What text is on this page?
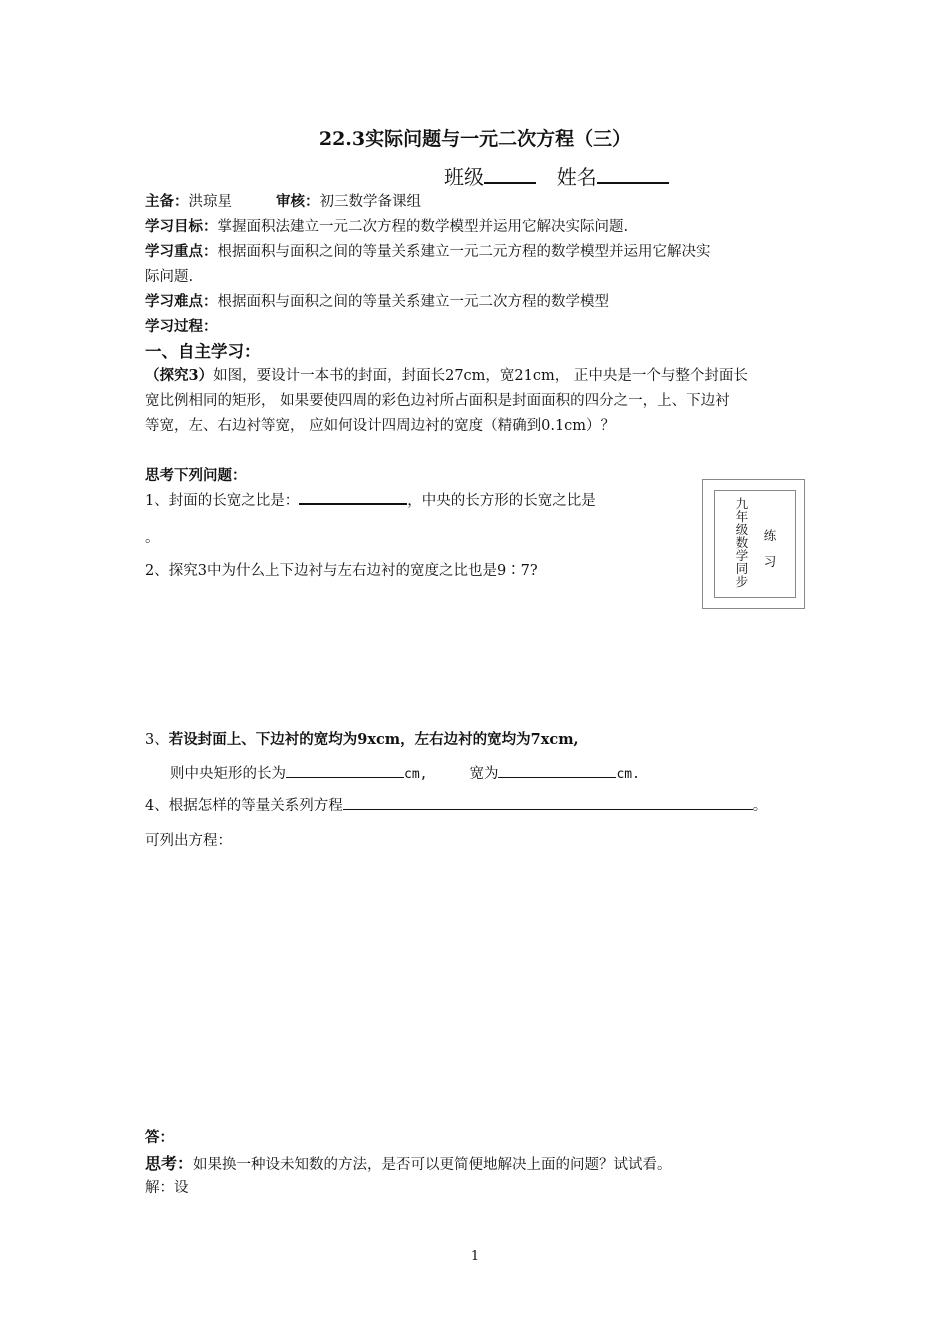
22.3实际问题与一元二次方程（三）
班级	姓名
主备：洪琼星	审核：初三数学备课组
学习目标：掌握面积法建立一元二次方程的数学模型并运用它解决实际问题.
学习重点：根据面积与面积之间的等量关系建立一元二元方程的数学模型并运用它解决实
际问题.
学习难点：根据面积与面积之间的等量关系建立一元二次方程的数学模型
学习过程：
一、自主学习：
（探究3）如图，要设计一本书的封面，封面长27cm，宽21cm， 正中央是一个与整个封面长
宽比例相同的矩形， 如果要使四周的彩色边衬所占面积是封面面积的四分之一，上、下边衬
等宽，左、右边衬等宽， 应如何设计四周边衬的宽度（精确到0.1cm）？
思考下列问题：
1、封面的长宽之比是：	，中央的长方形的长宽之比是
。
2、探究3中为什么上下边衬与左右边衬的宽度之比也是9∶7?
九年级数学同步
练习
3、若设封面上、下边衬的宽均为9xcm，左右边衬的宽均为7xcm,
则中央矩形的长为	cm,	宽为	cm.
4、根据怎样的等量关系列方程	。
可列出方程：
答：
思考：如果换一种设未知数的方法，是否可以更简便地解决上面的问题？试试看。
解：设
1
